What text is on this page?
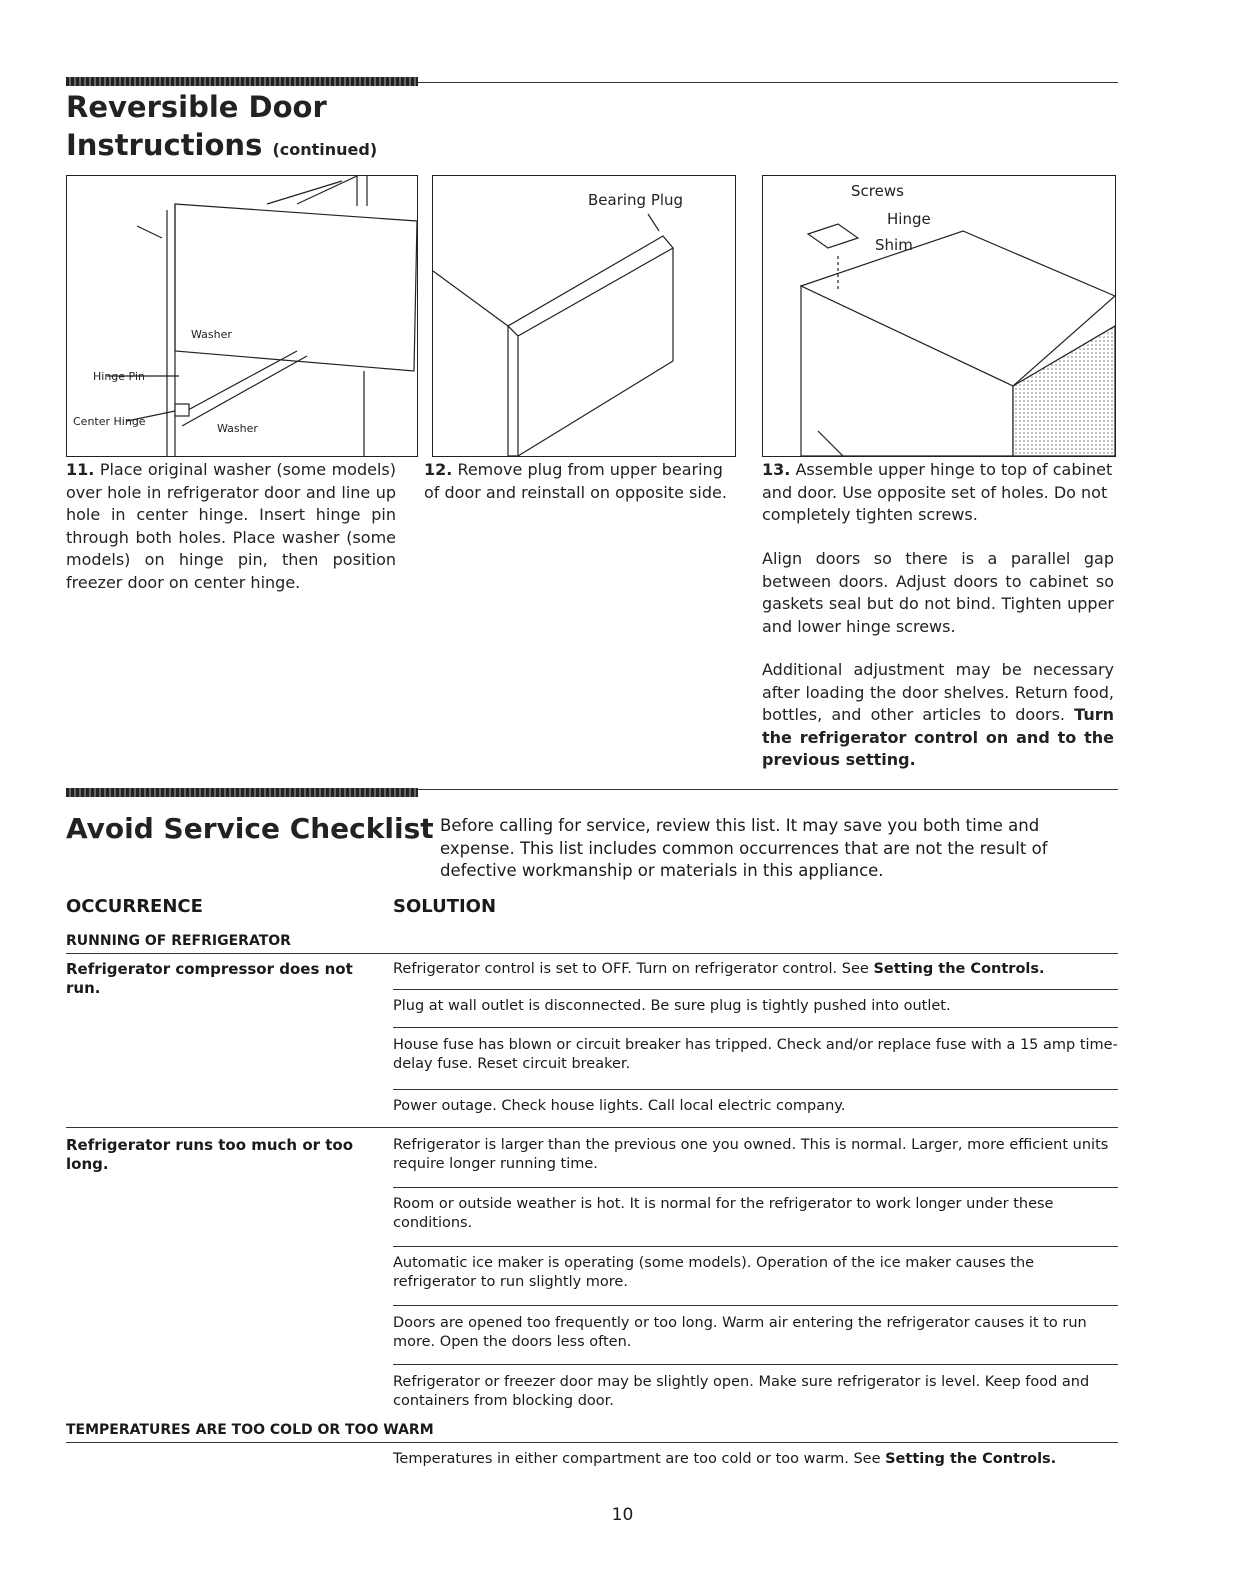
Reversible Door
Instructions (continued)
Washer
Hinge Pin
Center Hinge
Washer
Bearing Plug	Screws
Hinge
Shim
11. Place original washer (some models) over hole in refrigerator door and line up hole in center hinge. Insert hinge pin through both holes. Place washer (some models) on hinge pin, then position freezer door on center hinge.
12. Remove plug from upper bearing of door and reinstall on opposite side.
13. Assemble upper hinge to top of cabinet and door. Use opposite set of holes. Do not completely tighten screws.
Align doors so there is a parallel gap between doors. Adjust doors to cabinet so gaskets seal but do not bind. Tighten upper and lower hinge screws.
Additional adjustment may be necessary after loading the door shelves. Return food, bottles, and other articles to doors. Turn the refrigerator control on and to the previous setting.
Avoid Service Checklist Before calling for service, review this list. It may save you both time and expense. This list includes common occurrences that are not the result of defective workmanship or materials in this appliance.
OCCURRENCE	SOLUTION
RUNNING OF REFRIGERATOR
Refrigerator compressor does not run.
Refrigerator control is set to OFF. Turn on refrigerator control. See Setting the Controls.
Plug at wall outlet is disconnected. Be sure plug is tightly pushed into outlet.
House fuse has blown or circuit breaker has tripped. Check and/or replace fuse with a 15 amp time-delay fuse. Reset circuit breaker.
Power outage. Check house lights. Call local electric company.
Refrigerator runs too much or too long.
Refrigerator is larger than the previous one you owned. This is normal. Larger, more efficient units require longer running time.
Room or outside weather is hot. It is normal for the refrigerator to work longer under these conditions.
Automatic ice maker is operating (some models). Operation of the ice maker causes the refrigerator to run slightly more.
Doors are opened too frequently or too long. Warm air entering the refrigerator causes it to run more. Open the doors less often.
Refrigerator or freezer door may be slightly open. Make sure refrigerator is level. Keep food and containers from blocking door.
TEMPERATURES ARE TOO COLD OR TOO WARM
Temperatures in either compartment are too cold or too warm. See Setting the Controls.
10
